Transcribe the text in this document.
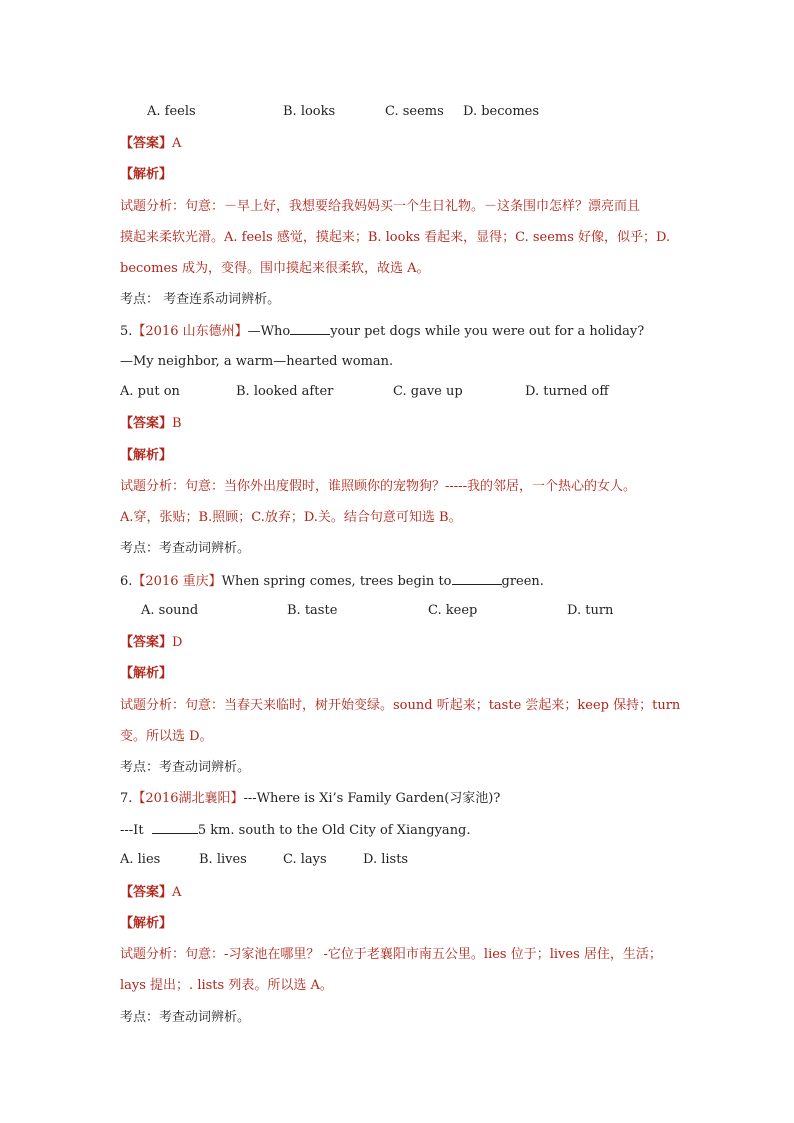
A. feels	B. looks	C. seems D. becomes
【答案】A
【解析】
试题分析：句意：－早上好，我想要给我妈妈买一个生日礼物。－这条围巾怎样？漂亮而且
摸起来柔软光滑。A. feels 感觉，摸起来；B. looks 看起来，显得；C. seems 好像，似乎；D.
becomes 成为，变得。围巾摸起来很柔软，故选 A。
考点： 考查连系动词辨析。
5.【2016 山东德州】—Who	your pet dogs while you were out for a holiday?
—My neighbor, a warm—hearted woman.
A. put on	B. looked after	C. gave up	D. turned off
【答案】B
【解析】
试题分析：句意：当你外出度假时，谁照顾你的宠物狗？-----我的邻居，一个热心的女人。
A.穿，张贴；B.照顾；C.放弃；D.关。结合句意可知选 B。
考点：考查动词辨析。
6.【2016 重庆】When spring comes, trees begin to	green.
A. sound	B. taste	C. keep	D. turn
【答案】D
【解析】
试题分析：句意：当春天来临时，树开始变绿。sound 听起来；taste 尝起来；keep 保持；turn
变。所以选 D。
考点：考查动词辨析。
7.【2016湖北襄阳】---Where is Xi’s Family Garden(习家池)?
---It	5 km. south to the Old City of Xiangyang.
A. lies	B. lives	C. lays	D. lists
【答案】A
【解析】
试题分析：句意：-习家池在哪里？ -它位于老襄阳市南五公里。lies 位于；lives 居住，生活；
lays 提出；. lists 列表。所以选 A。
考点：考查动词辨析。
